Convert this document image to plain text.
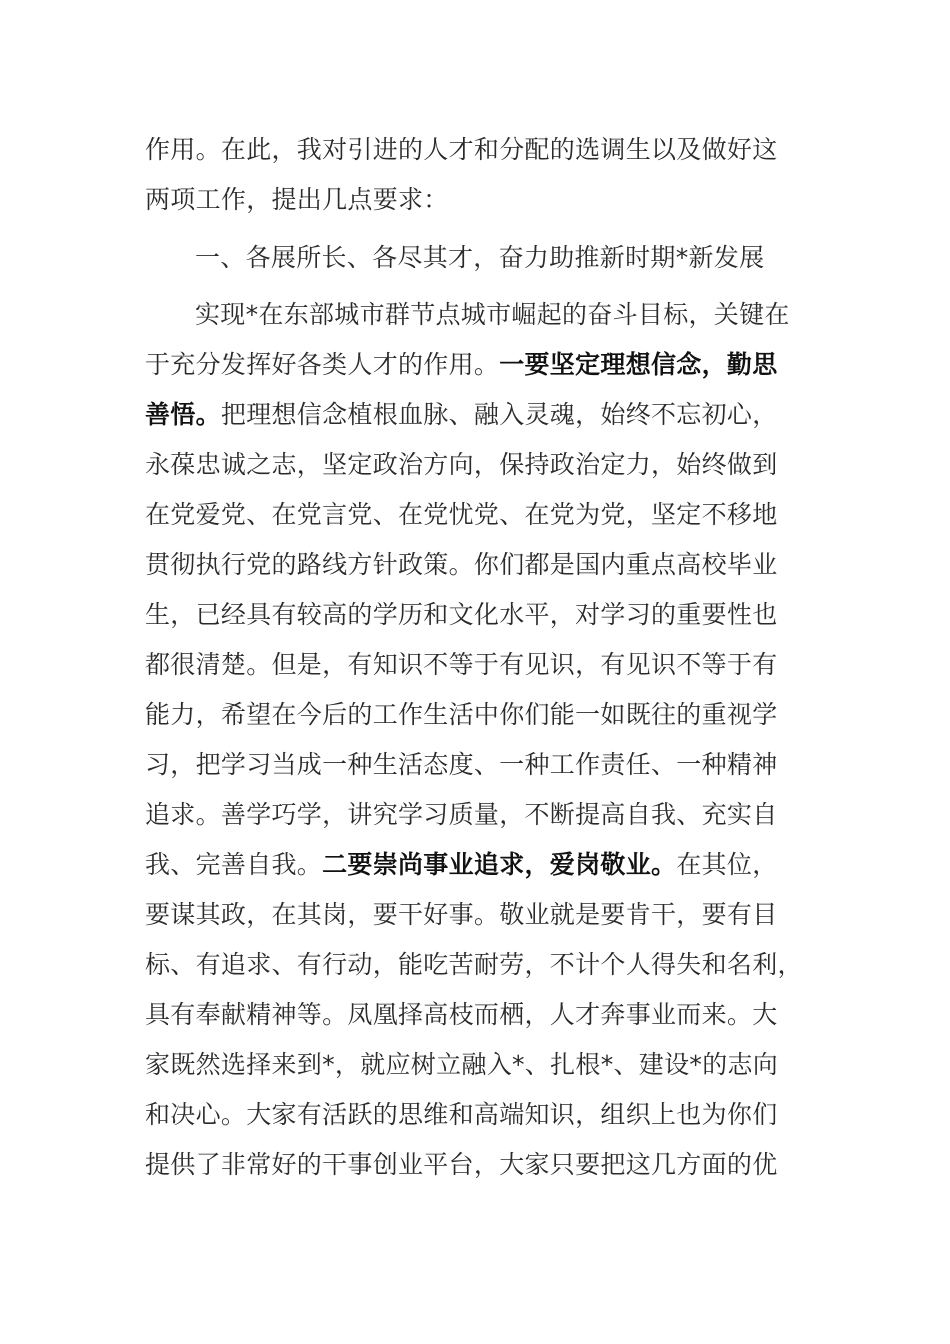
作用。在此，我对引进的人才和分配的选调生以及做好这
两项工作，提出几点要求：
一、各展所长、各尽其才，奋力助推新时期*新发展
实现*在东部城市群节点城市崛起的奋斗目标，关键在
于充分发挥好各类人才的作用。一要坚定理想信念，勤思
善悟。把理想信念植根血脉、融入灵魂，始终不忘初心，
永葆忠诚之志，坚定政治方向，保持政治定力，始终做到
在党爱党、在党言党、在党忧党、在党为党，坚定不移地
贯彻执行党的路线方针政策。你们都是国内重点高校毕业
生，已经具有较高的学历和文化水平，对学习的重要性也
都很清楚。但是，有知识不等于有见识，有见识不等于有
能力，希望在今后的工作生活中你们能一如既往的重视学
习，把学习当成一种生活态度、一种工作责任、一种精神
追求。善学巧学，讲究学习质量，不断提高自我、充实自
我、完善自我。二要崇尚事业追求，爱岗敬业。在其位，
要谋其政，在其岗，要干好事。敬业就是要肯干，要有目
标、有追求、有行动，能吃苦耐劳，不计个人得失和名利，
具有奉献精神等。凤凰择高枝而栖，人才奔事业而来。大
家既然选择来到*，就应树立融入*、扎根*、建设*的志向
和决心。大家有活跃的思维和高端知识，组织上也为你们
提供了非常好的干事创业平台，大家只要把这几方面的优
